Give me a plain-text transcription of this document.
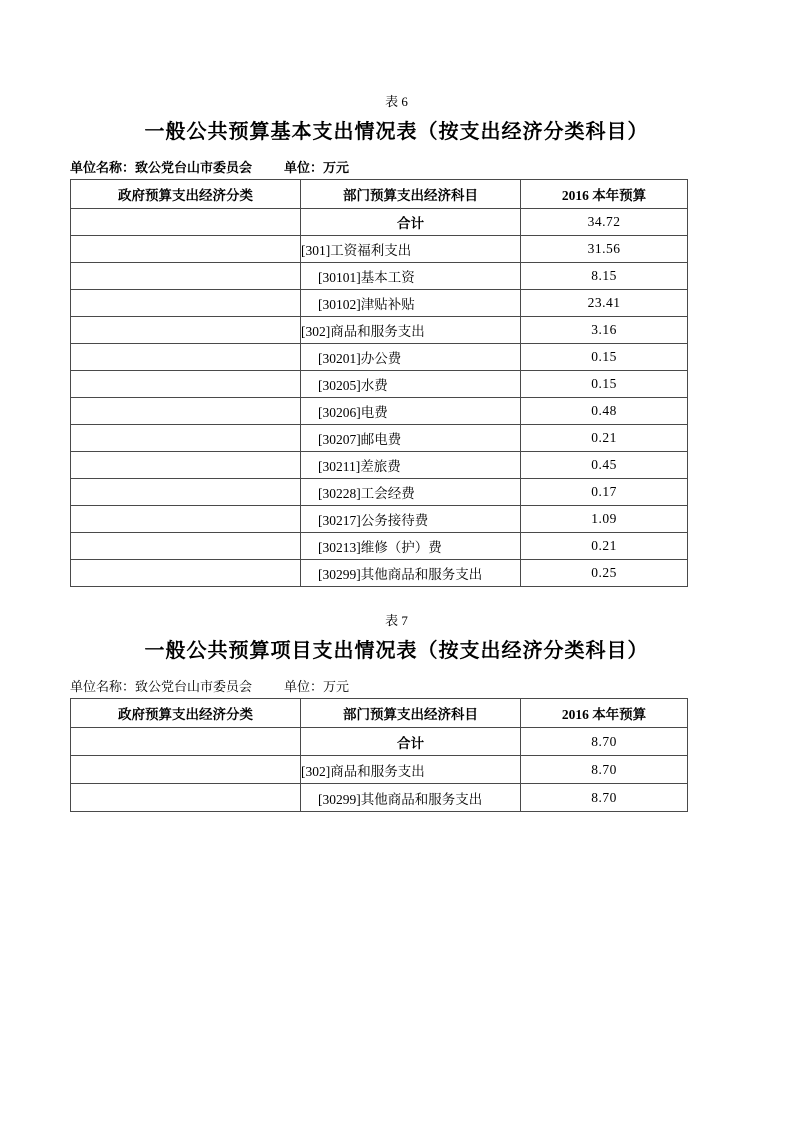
表 6
一般公共预算基本支出情况表（按支出经济分类科目）

单位名称：致公党台山市委员会 单位：万元

政府预算支出经济分类	部门预算支出经济科目	2016 本年预算
	合计	34.72
	[301]工资福利支出	31.56
	[30101]基本工资	8.15
	[30102]津贴补贴	23.41
	[302]商品和服务支出	3.16
	[30201]办公费	0.15
	[30205]水费	0.15
	[30206]电费	0.48
	[30207]邮电费	0.21
	[30211]差旅费	0.45
	[30228]工会经费	0.17
	[30217]公务接待费	1.09
	[30213]维修（护）费	0.21
	[30299]其他商品和服务支出	0.25
表 7
一般公共预算项目支出情况表（按支出经济分类科目）

单位名称：致公党台山市委员会 单位：万元

政府预算支出经济分类	部门预算支出经济科目	2016 本年预算
	合计	8.70
	[302]商品和服务支出	8.70
	[30299]其他商品和服务支出	8.70
